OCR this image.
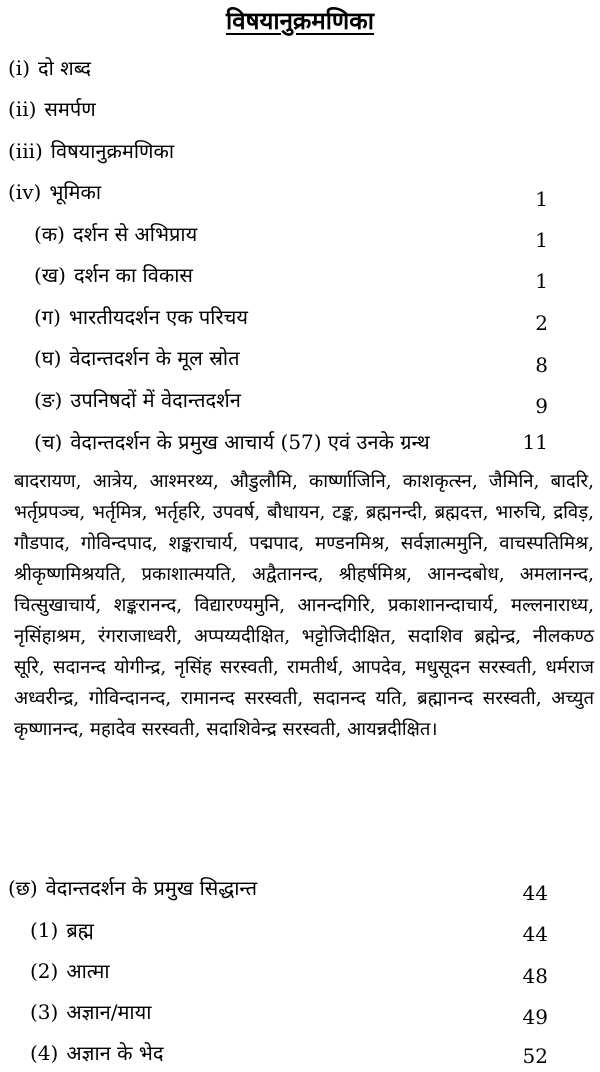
विषयानुक्रमणिका
(i) दो शब्द
(ii) समर्पण
(iii) विषयानुक्रमणिका
(iv) भूमिका	1
(क) दर्शन से अभिप्राय	1
(ख) दर्शन का विकास	1
(ग) भारतीयदर्शन एक परिचय	2
(घ) वेदान्तदर्शन के मूल स्रोत	8
(ङ) उपनिषदों में वेदान्तदर्शन	9
(च) वेदान्तदर्शन के प्रमुख आचार्य (57) एवं उनके ग्रन्थ	11
बादरायण, आत्रेय, आश्मरथ्य, औडुलौमि, कार्ष्णाजिनि, काशकृत्स्न, जैमिनि, बादरि, भर्तृप्रपञ्च, भर्तृमित्र, भर्तृहरि, उपवर्ष, बौधायन, टङ्क, ब्रह्मनन्दी, ब्रह्मदत्त, भारुचि, द्रविड़, गौडपाद, गोविन्दपाद, शङ्कराचार्य, पद्मपाद, मण्डनमिश्र, सर्वज्ञात्ममुनि, वाचस्पतिमिश्र, श्रीकृष्णमिश्रयति, प्रकाशात्मयति, अद्वैतानन्द, श्रीहर्षमिश्र, आनन्दबोध, अमलानन्द, चित्सुखाचार्य, शङ्करानन्द, विद्यारण्यमुनि, आनन्दगिरि, प्रकाशानन्दाचार्य, मल्लनाराध्य, नृसिंहाश्रम, रंगराजाध्वरी, अप्पय्यदीक्षित, भट्टोजिदीक्षित, सदाशिव ब्रह्मेन्द्र, नीलकण्ठ सूरि, सदानन्द योगीन्द्र, नृसिंह सरस्वती, रामतीर्थ, आपदेव, मधुसूदन सरस्वती, धर्मराज अध्वरीन्द्र, गोविन्दानन्द, रामानन्द सरस्वती, सदानन्द यति, ब्रह्मानन्द सरस्वती, अच्युत कृष्णानन्द, महादेव सरस्वती, सदाशिवेन्द्र सरस्वती, आयन्नदीक्षित।
(छ) वेदान्तदर्शन के प्रमुख सिद्धान्त	44
(1) ब्रह्म	44
(2) आत्मा	48
(3) अज्ञान/माया	49
(4) अज्ञान के भेद	52
